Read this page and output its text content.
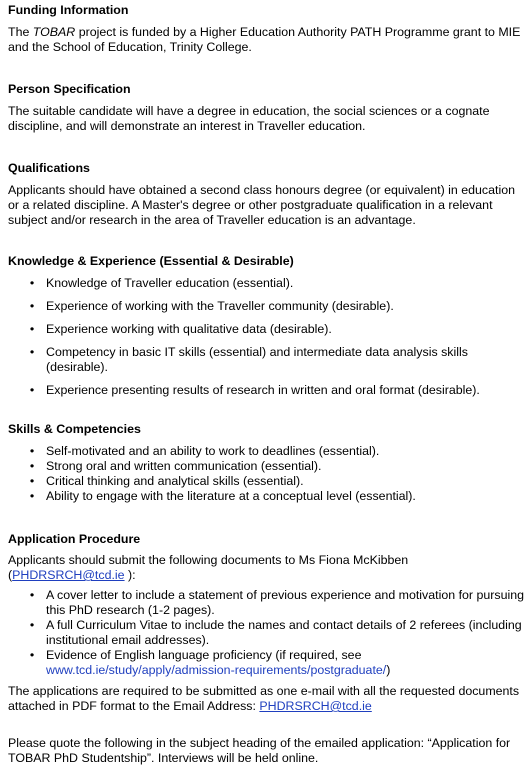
Funding Information

The TOBAR project is funded by a Higher Education Authority PATH Programme grant to MIE and the School of Education, Trinity College.

Person Specification

The suitable candidate will have a degree in education, the social sciences or a cognate discipline, and will demonstrate an interest in Traveller education.

Qualifications

Applicants should have obtained a second class honours degree (or equivalent) in education or a related discipline. A Master's degree or other postgraduate qualification in a relevant subject and/or research in the area of Traveller education is an advantage.

Knowledge & Experience (Essential & Desirable)
• Knowledge of Traveller education (essential).
• Experience of working with the Traveller community (desirable).
• Experience working with qualitative data (desirable).
• Competency in basic IT skills (essential) and intermediate data analysis skills (desirable).
• Experience presenting results of research in written and oral format (desirable).
Skills & Competencies
• Self-motivated and an ability to work to deadlines (essential).
• Strong oral and written communication (essential).
• Critical thinking and analytical skills (essential).
• Ability to engage with the literature at a conceptual level (essential).
Application Procedure

Applicants should submit the following documents to Ms Fiona McKibben (PHDRSRCH@tcd.ie ):

• A cover letter to include a statement of previous experience and motivation for pursuing this PhD research (1-2 pages).
• A full Curriculum Vitae to include the names and contact details of 2 referees (including institutional email addresses).
• Evidence of English language proficiency (if required, see
www.tcd.ie/study/apply/admission-requirements/postgraduate/)

The applications are required to be submitted as one e-mail with all the requested documents attached in PDF format to the Email Address: PHDRSRCH@tcd.ie

Please quote the following in the subject heading of the emailed application: “Application for TOBAR PhD Studentship”. Interviews will be held online.
